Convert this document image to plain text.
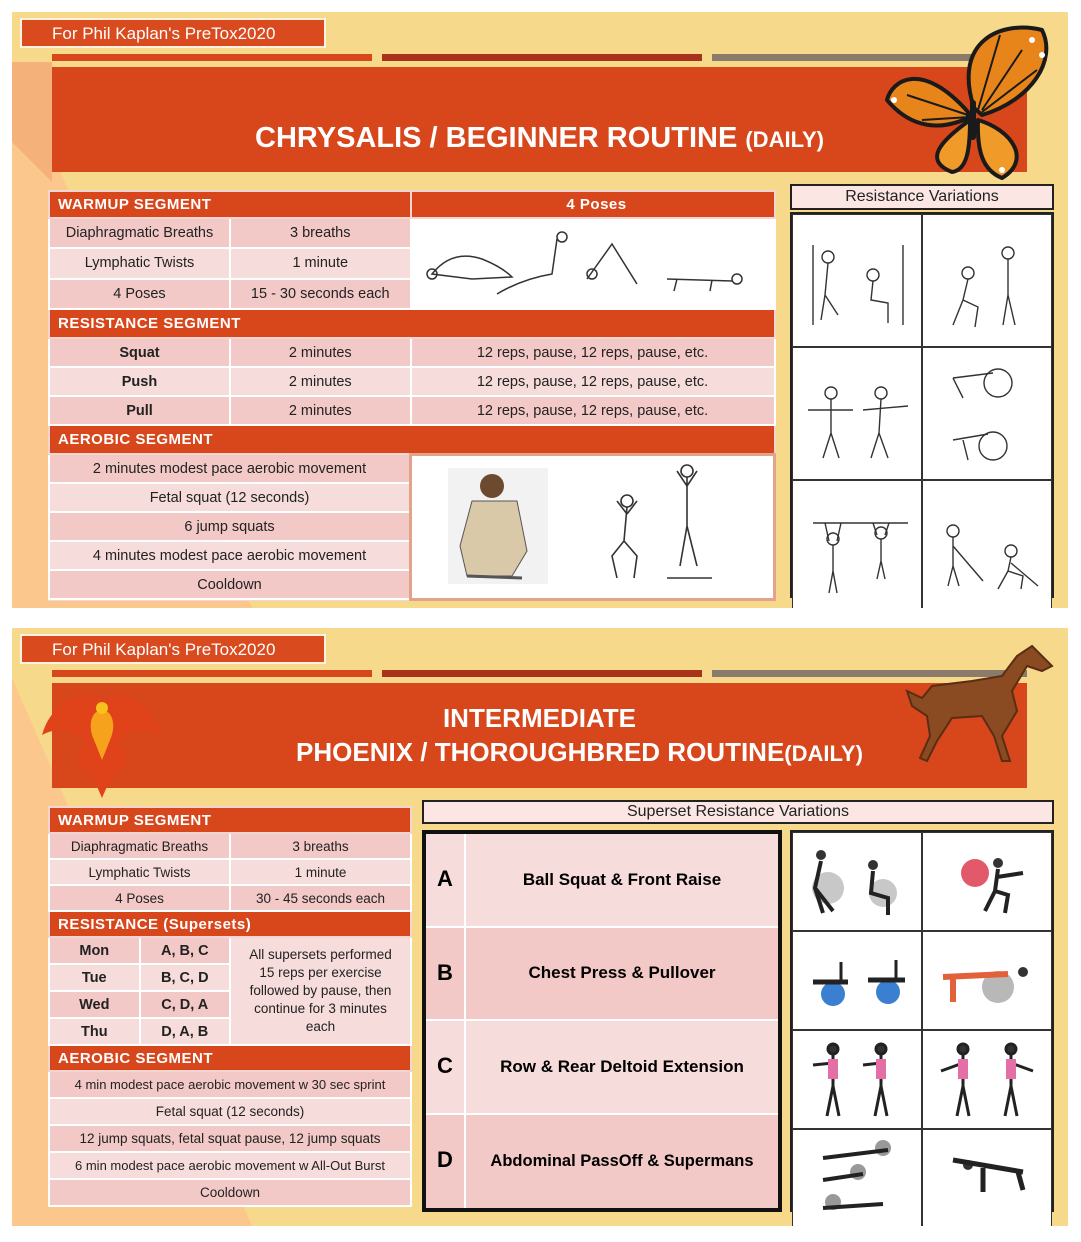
For Phil Kaplan's PreTox2020
CHRYSALIS / BEGINNER ROUTINE (DAILY)
WARMUP SEGMENT		4 Poses
Diaphragmatic Breaths	3 breaths	
Lymphatic Twists	1 minute	
4 Poses	15 - 30 seconds each	
RESISTANCE SEGMENT		
Squat	2 minutes	12 reps, pause, 12 reps, pause, etc.
Push	2 minutes	12 reps, pause, 12 reps, pause, etc.
Pull	2 minutes	12 reps, pause, 12 reps, pause, etc.
AEROBIC SEGMENT		
2 minutes modest pace aerobic movement	
Fetal squat (12 seconds)		
6 jump squats		
4 minutes modest pace aerobic movement		
Cooldown		
Resistance Variations
For Phil Kaplan's PreTox2020
INTERMEDIATE
PHOENIX / THOROUGHBRED ROUTINE(DAILY)
WARMUP SEGMENT		
Diaphragmatic Breaths		3 breaths
Lymphatic Twists		1 minute
4 Poses		30 - 45 seconds each
RESISTANCE (Supersets)		
Mon	A, B, C	All supersets performed 15 reps per exercise followed by pause, then continue for 3 minutes each
Tue	B, C, D	
Wed	C, D, A	
Thu	D, A, B	
AEROBIC SEGMENT		
4 min modest pace aerobic movement w 30 sec sprint		
Fetal squat (12 seconds)		
12 jump squats, fetal squat pause, 12 jump squats		
6 min modest pace aerobic movement w All-Out Burst		
Cooldown		
Superset Resistance Variations
A	Ball Squat & Front Raise
B	Chest Press & Pullover
C	Row & Rear Deltoid Extension
D	Abdominal PassOff & Supermans
